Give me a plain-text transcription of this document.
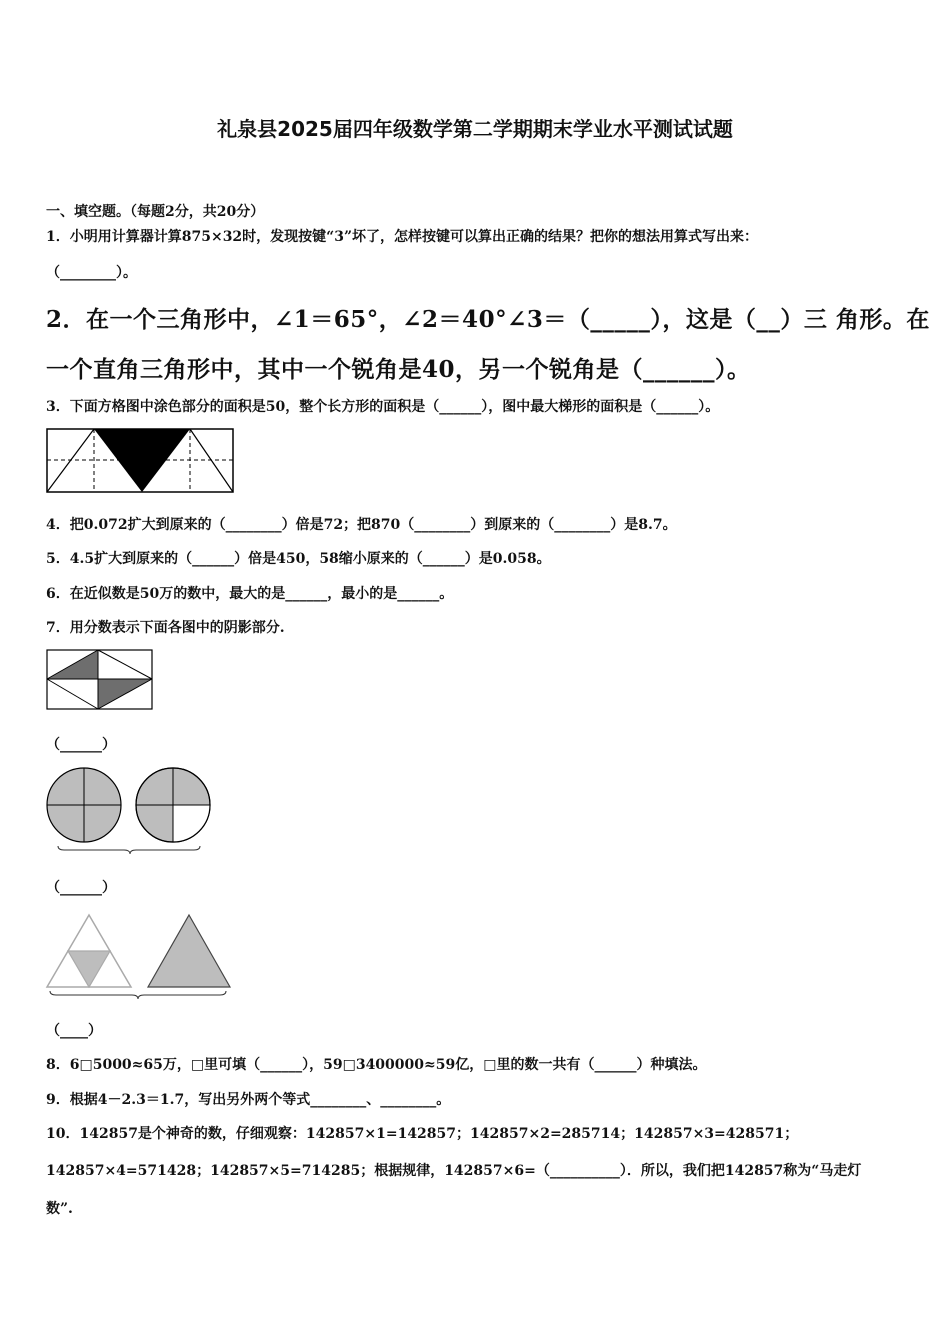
礼泉县2025届四年级数学第二学期期末学业水平测试试题
一、填空题。（每题2分，共20分）
1．小明用计算器计算875×32时，发现按键“3”坏了，怎样按键可以算出正确的结果？把你的想法用算式写出来：
（________）。
2．在一个三角形中，∠1＝65°，∠2＝40°∠3＝（_____），这是（__）三 角形。在
一个直角三角形中，其中一个锐角是40，另一个锐角是（______）。
3．下面方格图中涂色部分的面积是50，整个长方形的面积是（______），图中最大梯形的面积是（______）。
4．把0.072扩大到原来的（________）倍是72；把870（________）到原来的（________）是8.7。
5．4.5扩大到原来的（______）倍是450，58缩小原来的（______）是0.058。
6．在近似数是50万的数中，最大的是______，最小的是______。
7．用分数表示下面各图中的阴影部分.
（______）
（______）
（____）
8．6□5000≈65万，□里可填（______），59□3400000≈59亿，□里的数一共有（______）种填法。
9．根据4－2.3＝1.7，写出另外两个等式________、________。
10．142857是个神奇的数，仔细观察：142857×1=142857；142857×2=285714；142857×3=428571；
142857×4=571428；142857×5=714285；根据规律，142857×6=（__________）．所以，我们把142857称为“马走灯
数”.
